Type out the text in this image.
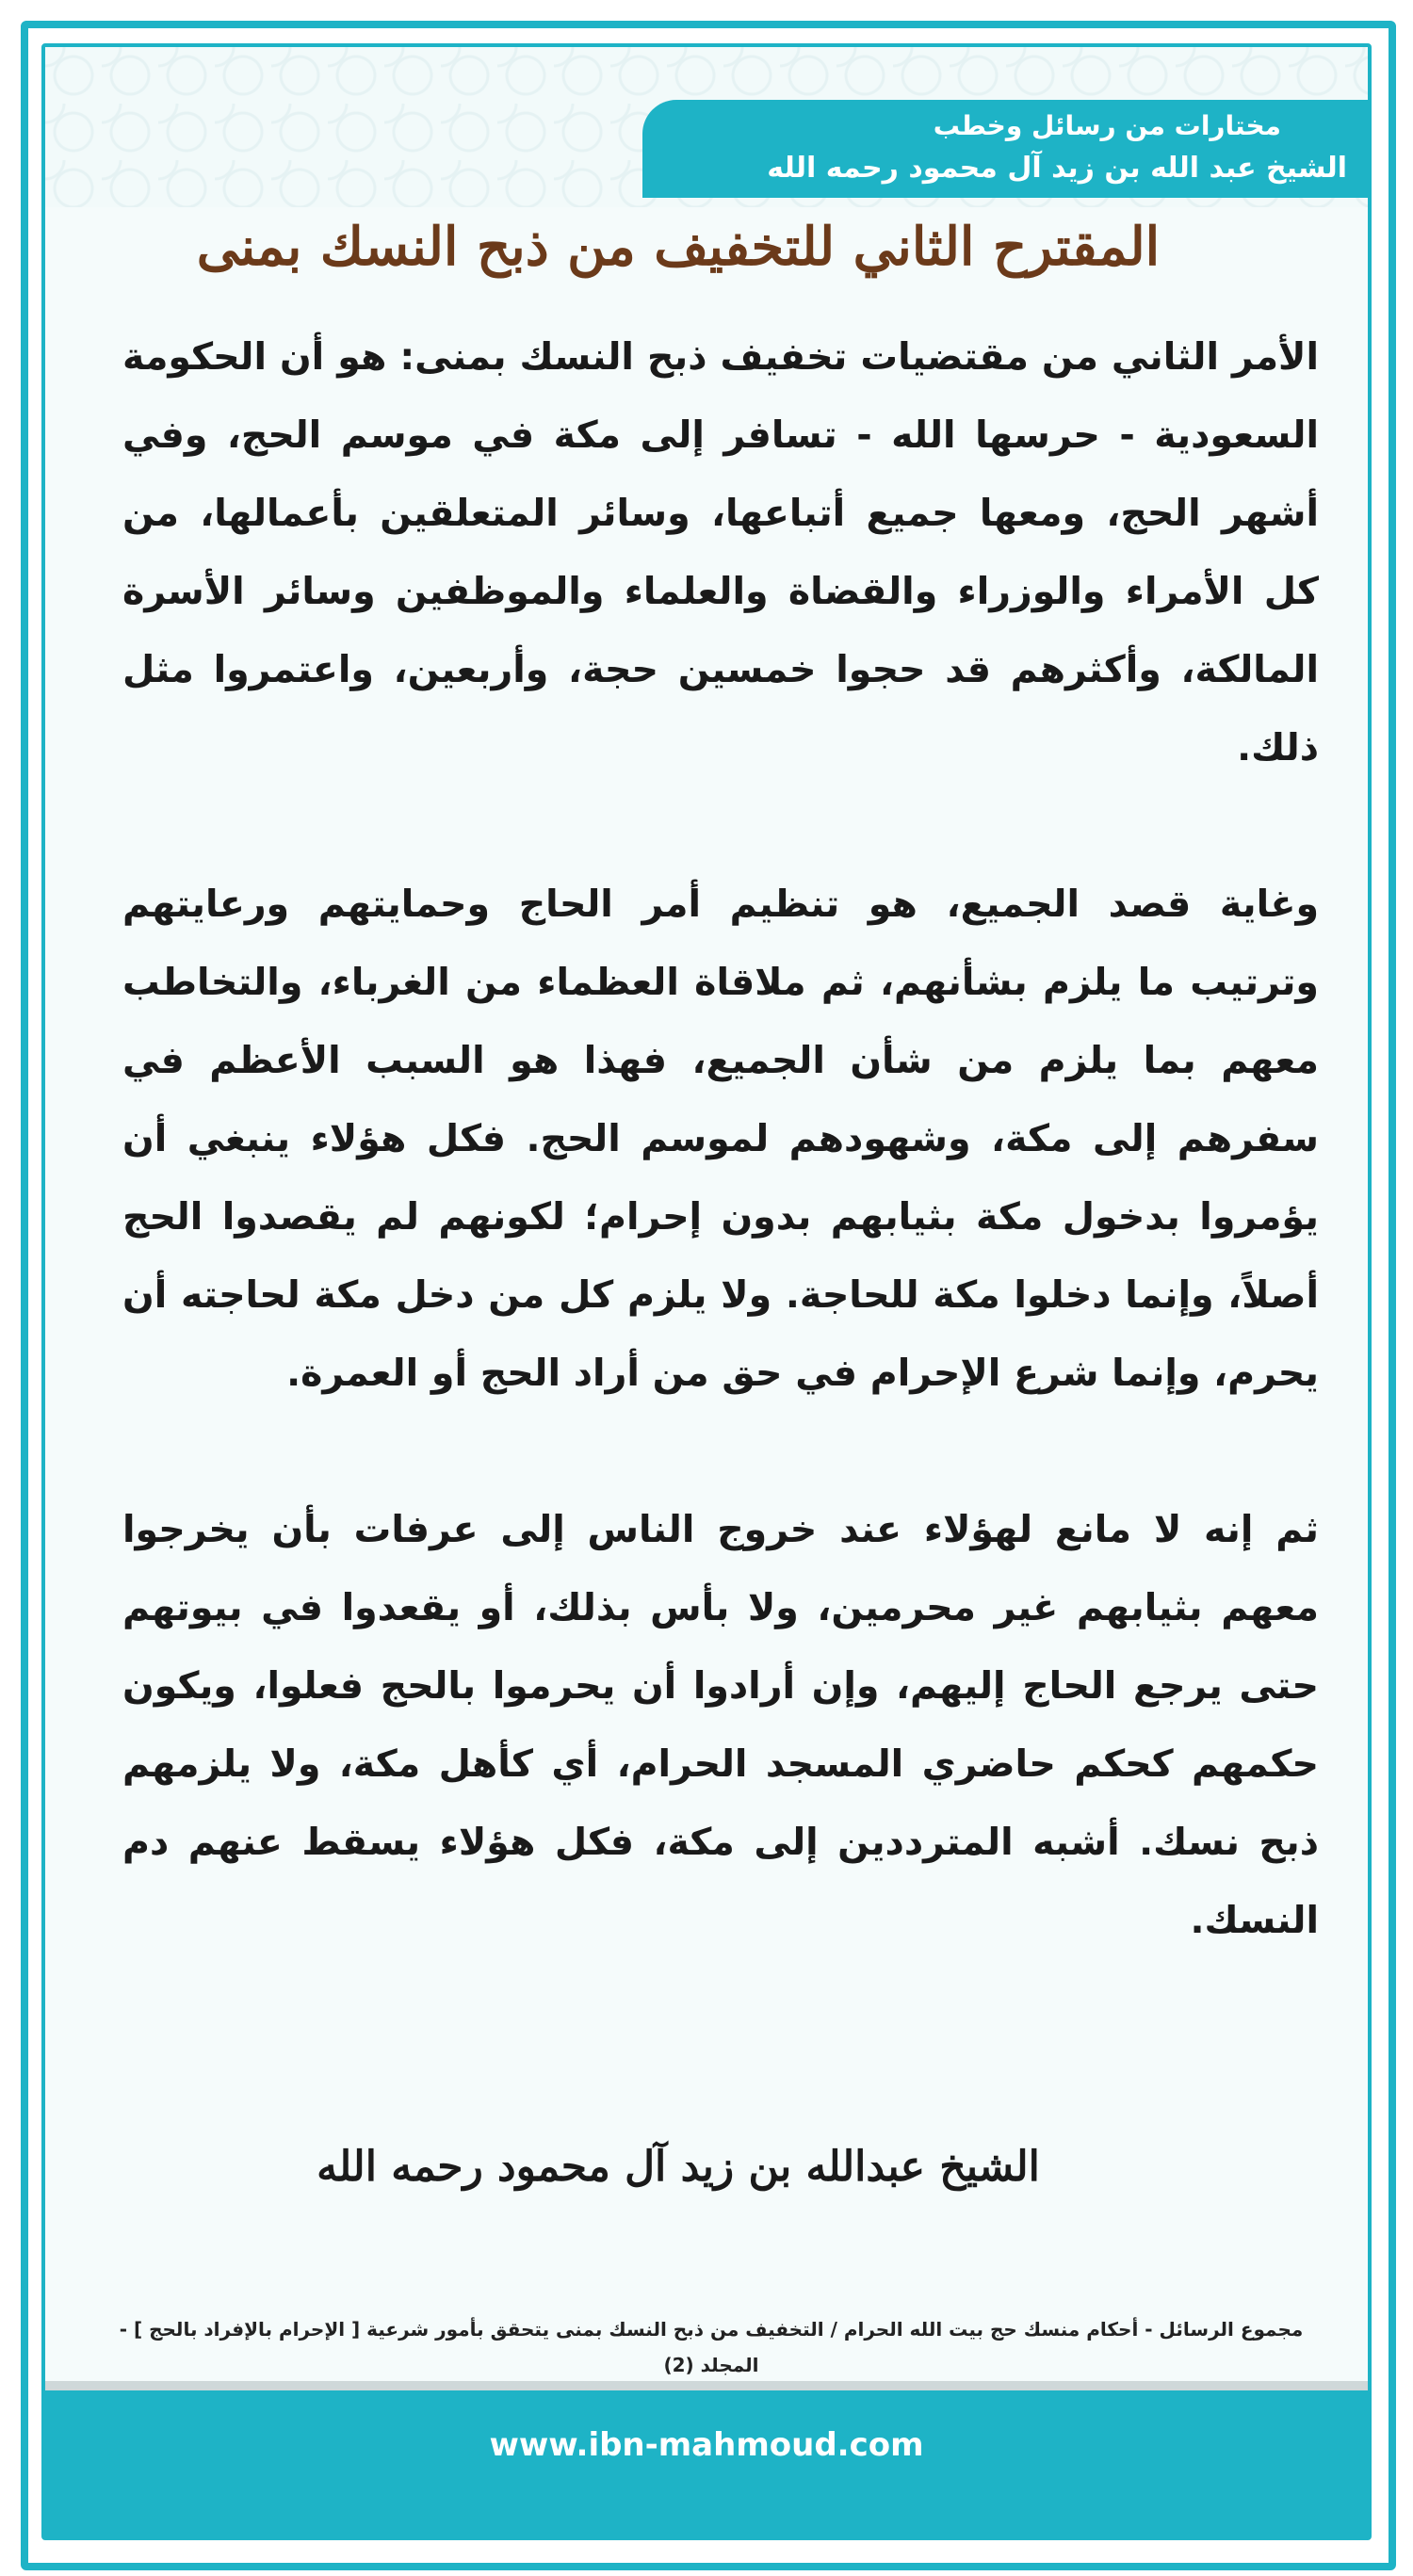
مختارات من رسائل وخطب
الشيخ عبد الله بن زيد آل محمود رحمه الله
www.ibn-mahmoud.com
المقترح الثاني للتخفيف من ذبح النسك بمنى

الأمر الثاني من مقتضيات تخفيف ذبح النسك بمنى: هو أن الحكومة السعودية - حرسها الله - تسافر إلى مكة في موسم الحج، وفي أشهر الحج، ومعها جميع أتباعها، وسائر المتعلقين بأعمالها، من كل الأمراء والوزراء والقضاة والعلماء والموظفين وسائر الأسرة المالكة، وأكثرهم قد حجوا خمسين حجة، وأربعين، واعتمروا مثل ذلك.

وغاية قصد الجميع، هو تنظيم أمر الحاج وحمايتهم ورعايتهم وترتيب ما يلزم بشأنهم، ثم ملاقاة العظماء من الغرباء، والتخاطب معهم بما يلزم من شأن الجميع، فهذا هو السبب الأعظم في سفرهم إلى مكة، وشهودهم لموسم الحج. فكل هؤلاء ينبغي أن يؤمروا بدخول مكة بثيابهم بدون إحرام؛ لكونهم لم يقصدوا الحج أصلاً، وإنما دخلوا مكة للحاجة. ولا يلزم كل من دخل مكة لحاجته أن يحرم، وإنما شرع الإحرام في حق من أراد الحج أو العمرة.

ثم إنه لا مانع لهؤلاء عند خروج الناس إلى عرفات بأن يخرجوا معهم بثيابهم غير محرمين، ولا بأس بذلك، أو يقعدوا في بيوتهم حتى يرجع الحاج إليهم، وإن أرادوا أن يحرموا بالحج فعلوا، ويكون حكمهم كحكم حاضري المسجد الحرام، أي كأهل مكة، ولا يلزمهم ذبح نسك. أشبه المترددين إلى مكة، فكل هؤلاء يسقط عنهم دم النسك.

الشيخ عبدالله بن زيد آل محمود رحمه الله
مجموع الرسائل - أحكام منسك حج بيت الله الحرام / التخفيف من ذبح النسك بمنى يتحقق بأمور شرعية [ الإحرام بالإفراد بالحج ] - المجلد (2)
